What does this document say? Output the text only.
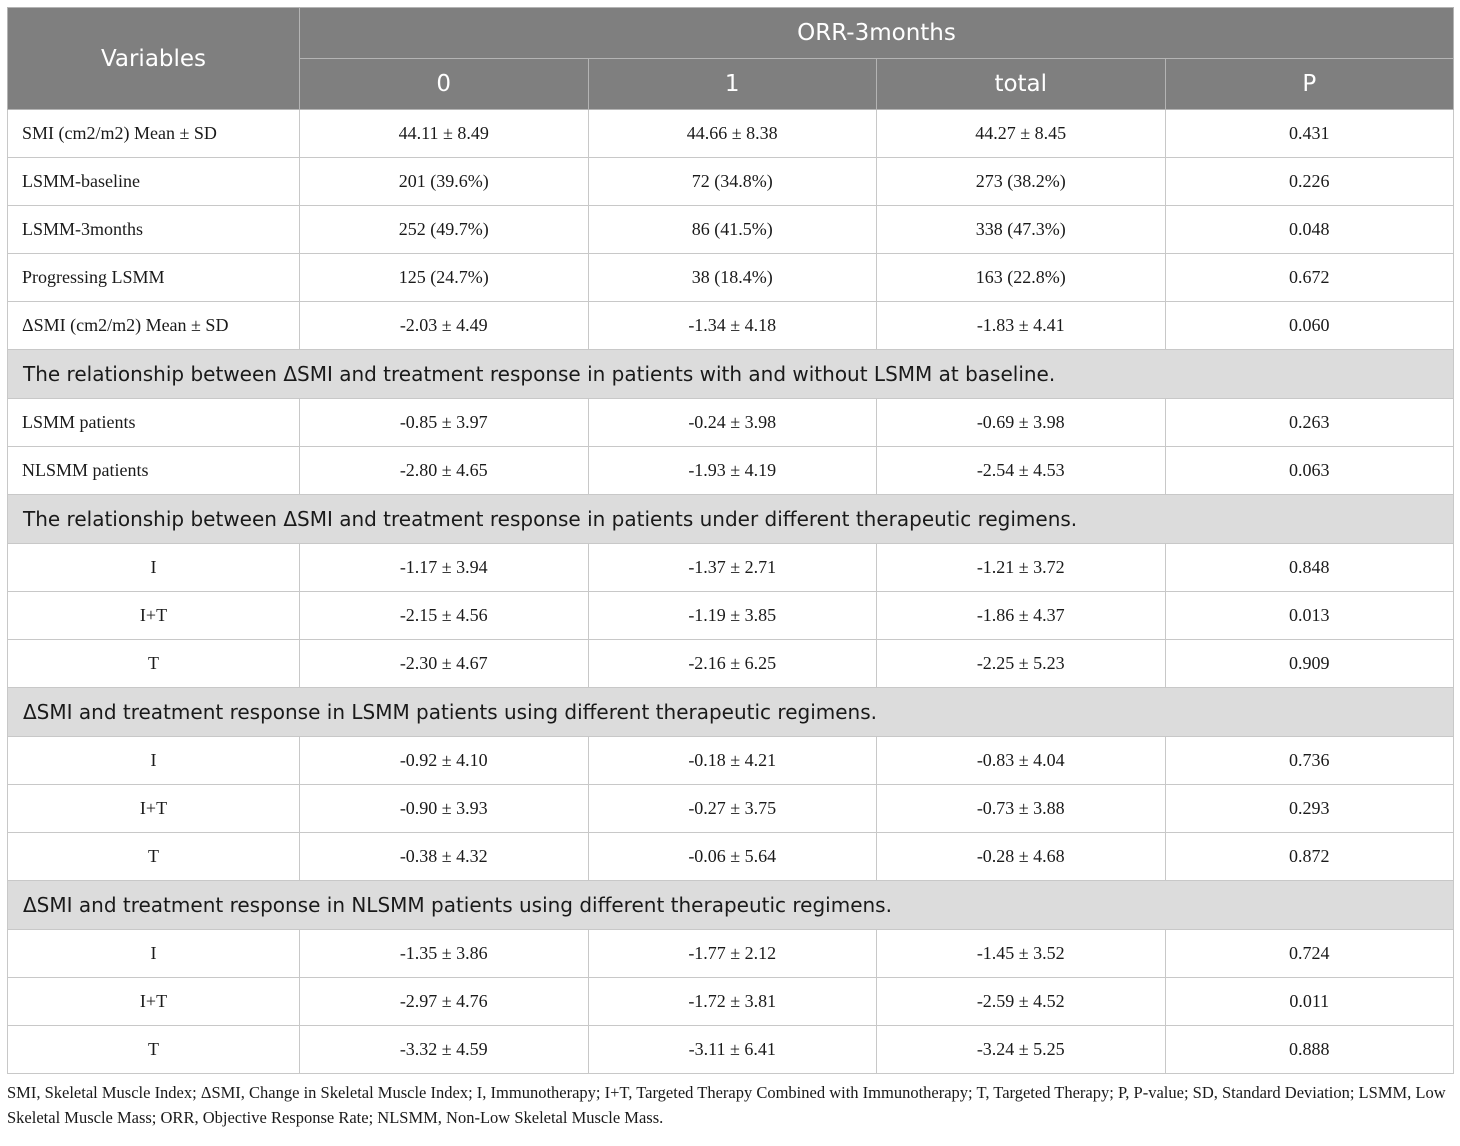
Variables	ORR-3months			
	0	1	total	P
SMI (cm2/m2) Mean ± SD	44.11 ± 8.49	44.66 ± 8.38	44.27 ± 8.45	0.431
LSMM-baseline	201 (39.6%)	72 (34.8%)	273 (38.2%)	0.226
LSMM-3months	252 (49.7%)	86 (41.5%)	338 (47.3%)	0.048
Progressing LSMM	125 (24.7%)	38 (18.4%)	163 (22.8%)	0.672
ΔSMI (cm2/m2) Mean ± SD	-2.03 ± 4.49	-1.34 ± 4.18	-1.83 ± 4.41	0.060
The relationship between ΔSMI and treatment response in patients with and without LSMM at baseline.				
LSMM patients	-0.85 ± 3.97	-0.24 ± 3.98	-0.69 ± 3.98	0.263
NLSMM patients	-2.80 ± 4.65	-1.93 ± 4.19	-2.54 ± 4.53	0.063
The relationship between ΔSMI and treatment response in patients under different therapeutic regimens.				
I	-1.17 ± 3.94	-1.37 ± 2.71	-1.21 ± 3.72	0.848
I+T	-2.15 ± 4.56	-1.19 ± 3.85	-1.86 ± 4.37	0.013
T	-2.30 ± 4.67	-2.16 ± 6.25	-2.25 ± 5.23	0.909
ΔSMI and treatment response in LSMM patients using different therapeutic regimens.				
I	-0.92 ± 4.10	-0.18 ± 4.21	-0.83 ± 4.04	0.736
I+T	-0.90 ± 3.93	-0.27 ± 3.75	-0.73 ± 3.88	0.293
T	-0.38 ± 4.32	-0.06 ± 5.64	-0.28 ± 4.68	0.872
ΔSMI and treatment response in NLSMM patients using different therapeutic regimens.				
I	-1.35 ± 3.86	-1.77 ± 2.12	-1.45 ± 3.52	0.724
I+T	-2.97 ± 4.76	-1.72 ± 3.81	-2.59 ± 4.52	0.011
T	-3.32 ± 4.59	-3.11 ± 6.41	-3.24 ± 5.25	0.888
SMI, Skeletal Muscle Index; ΔSMI, Change in Skeletal Muscle Index; I, Immunotherapy; I+T, Targeted Therapy Combined with Immunotherapy; T, Targeted Therapy; P, P-value; SD, Standard Deviation; LSMM, Low Skeletal Muscle Mass; ORR, Objective Response Rate; NLSMM, Non-Low Skeletal Muscle Mass.
